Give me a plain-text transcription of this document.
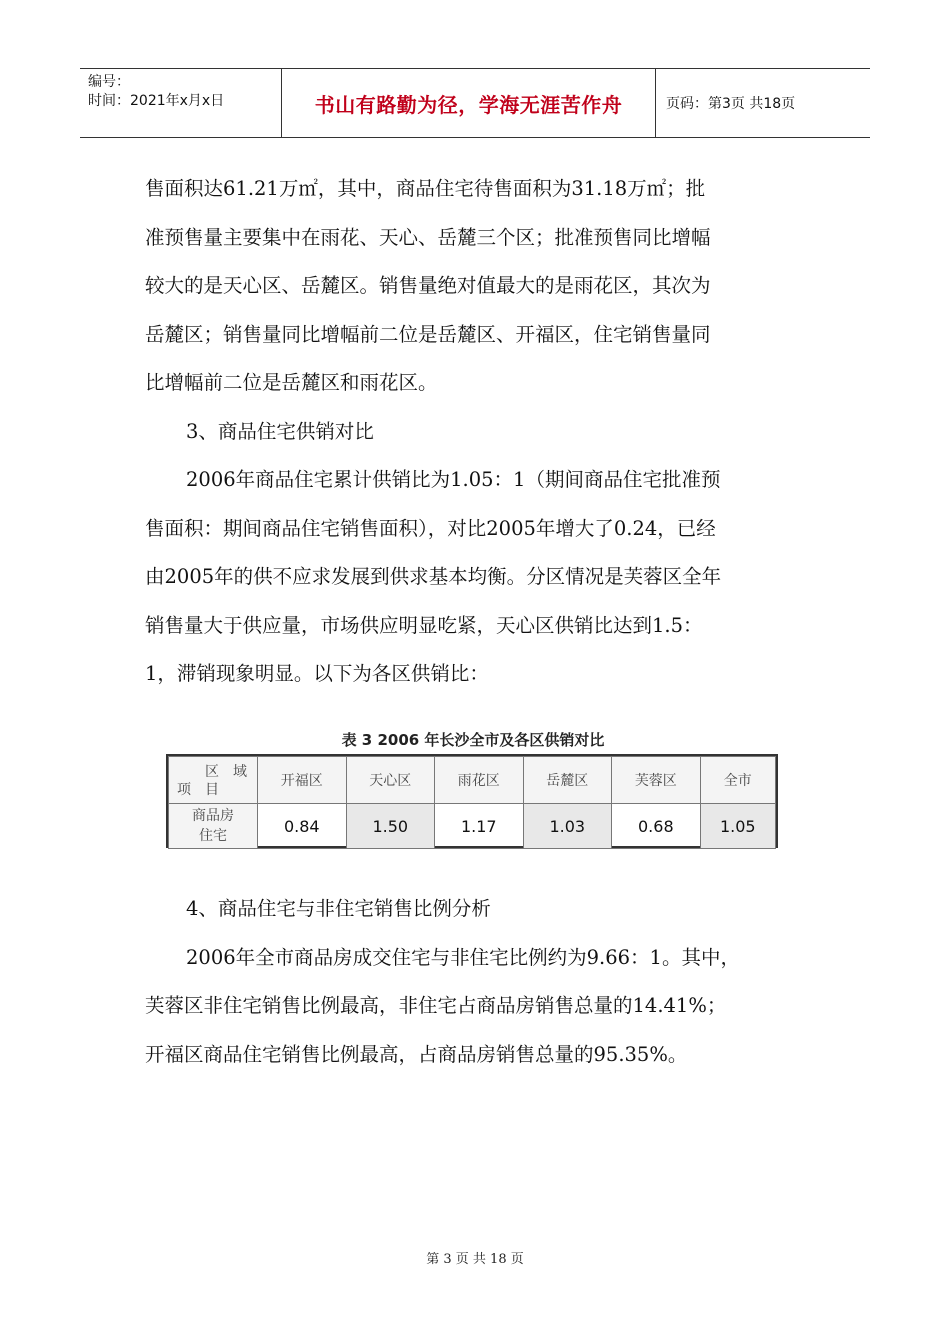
编号：
时间：2021年x月x日	书山有路勤为径，学海无涯苦作舟	页码：第3页 共18页

售面积达61.21万㎡，其中，商品住宅待售面积为31.18万㎡；批

准预售量主要集中在雨花、天心、岳麓三个区；批准预售同比增幅

较大的是天心区、岳麓区。销售量绝对值最大的是雨花区，其次为

岳麓区；销售量同比增幅前二位是岳麓区、开福区，住宅销售量同

比增幅前二位是岳麓区和雨花区。

3、商品住宅供销对比

2006年商品住宅累计供销比为1.05：1（期间商品住宅批准预

售面积：期间商品住宅销售面积），对比2005年增大了0.24，已经

由2005年的供不应求发展到供求基本均衡。分区情况是芙蓉区全年

销售量大于供应量，市场供应明显吃紧，天心区供销比达到1.5：

1，滞销现象明显。以下为各区供销比：

表 3 2006 年长沙全市及各区供销对比
区　域
项　目	开福区	天心区	雨花区	岳麓区	芙蓉区	全市

商品房
住宅	0.84	1.50	1.17	1.03	0.68	1.05

4、商品住宅与非住宅销售比例分析

2006年全市商品房成交住宅与非住宅比例约为9.66：1。其中，

芙蓉区非住宅销售比例最高，非住宅占商品房销售总量的14.41%；

开福区商品住宅销售比例最高，占商品房销售总量的95.35%。

第 3 页 共 18 页
